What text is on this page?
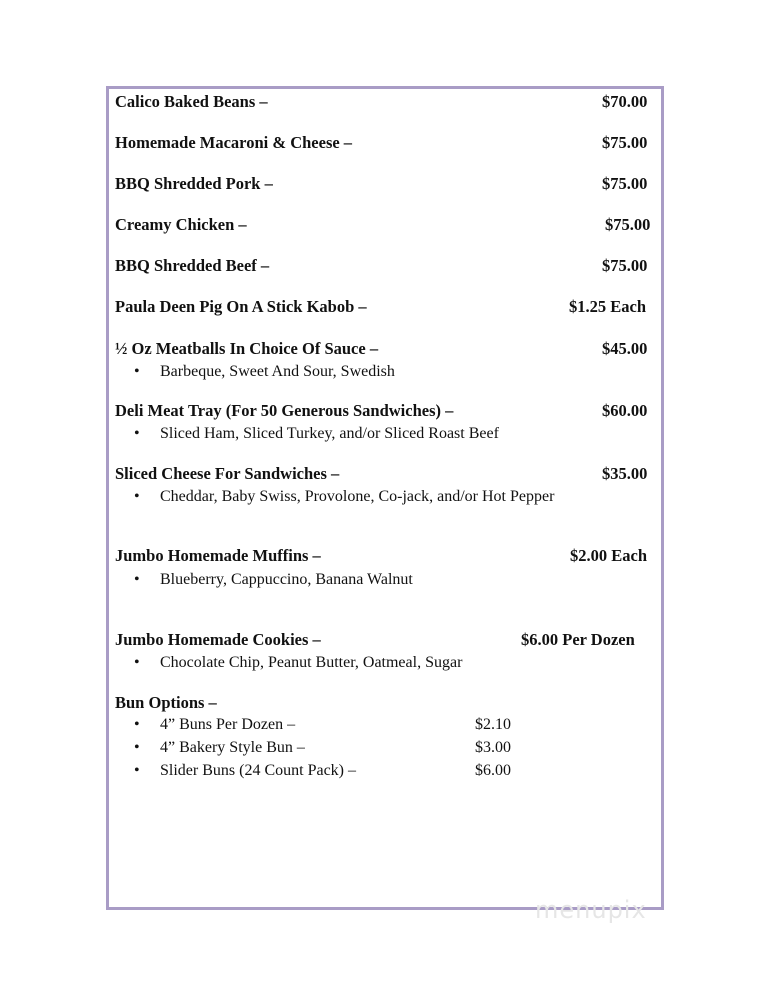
Calico Baked Beans –	$70.00
Homemade Macaroni & Cheese –	$75.00
BBQ Shredded Pork –	$75.00
Creamy Chicken –	$75.00
BBQ Shredded Beef –	$75.00
Paula Deen Pig On A Stick Kabob –	$1.25 Each
½ Oz Meatballs In Choice Of Sauce –	$45.00
• Barbeque, Sweet And Sour, Swedish
Deli Meat Tray (For 50 Generous Sandwiches) –	$60.00
• Sliced Ham, Sliced Turkey, and/or Sliced Roast Beef
Sliced Cheese For Sandwiches –	$35.00
• Cheddar, Baby Swiss, Provolone, Co-jack, and/or Hot Pepper
Jumbo Homemade Muffins –	$2.00 Each
• Blueberry, Cappuccino, Banana Walnut
Jumbo Homemade Cookies –	$6.00 Per Dozen
• Chocolate Chip, Peanut Butter, Oatmeal, Sugar
Bun Options –
• 4” Buns Per Dozen –	$2.10
• 4” Bakery Style Bun –	$3.00
• Slider Buns (24 Count Pack) –	$6.00
menupix
